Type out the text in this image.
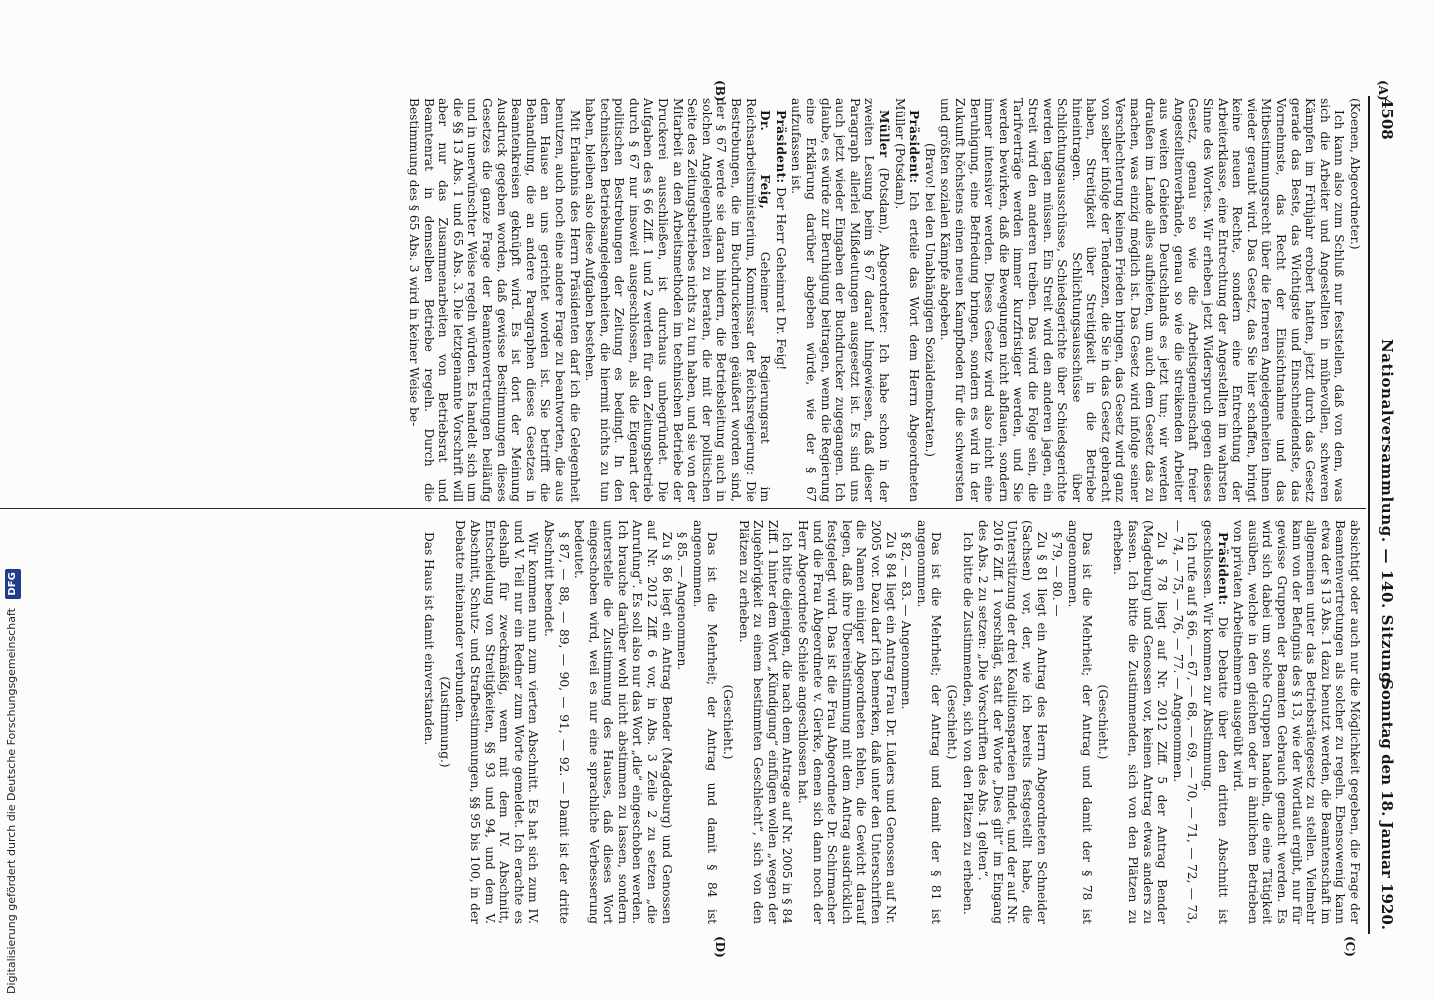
4508
Nationalversammlung. — 140. Sitzung.
Sonntag den 18. Januar 1920.
(A)
(B)
(C)
(D)

(Koenen, Abgeordneter.)

Ich kann also zum Schluß nur feststellen, daß von dem, was sich die Arbeiter und Angestellten in mühevollen, schweren Kämpfen im Frühjahr erobert hatten, jetzt durch das Gesetz gerade das Beste, das Wichtigste und Einschneidendste, das Vornehmste, das Recht der Einsichtnahme und das Mitbestimmungsrecht über die ferneren Angelegenheiten ihnen wieder geraubt wird. Das Gesetz, das Sie hier schaffen, bringt keine neuen Rechte, sondern eine Entrechtung der Arbeiterklasse, eine Entrechtung der Angestellten im wahrsten Sinne des Wortes. Wir erheben jetzt Widerspruch gegen dieses Gesetz, genau so wie die Arbeitsgemeinschaft freier Angestelltenverbände, genau so wie die streikenden Arbeiter aus weiten Gebieten Deutschlands es jetzt tun; wir werden draußen im Lande alles aufbieten, um auch dem Gesetz das zu machen, was einzig möglich ist. Das Gesetz wird infolge seiner Verschlechterung keinen Frieden bringen, das Gesetz wird ganz von selber infolge der Tendenzen, die Sie in das Gesetz gebracht haben, Streitigkeit über Streitigkeit in die Betriebe hineintragen. Schlichtungsausschüsse über Schlichtungsausschüsse, Schiedsgerichte über Schiedsgerichte werden tagen müssen. Ein Streit wird den anderen jagen, ein Streit wird den anderen treiben. Das wird die Folge sein, die Tarifverträge werden immer kurzfristiger werden, und Sie werden bewirken, daß die Bewegungen nicht abflauen, sondern immer intensiver werden. Dieses Gesetz wird also nicht eine Beruhigung, eine Befriedung bringen, sondern es wird in der Zukunft höchstens einen neuen Kampfboden für die schwersten und größten sozialen Kämpfe abgeben.

(Bravo! bei den Unabhängigen Sozialdemokraten.)

Präsident: Ich erteile das Wort dem Herrn Abgeordneten Müller (Potsdam).

Müller (Potsdam), Abgeordneter: Ich habe schon in der zweiten Lesung beim § 67 darauf hingewiesen, daß dieser Paragraph allerlei Mißdeutungen ausgesetzt ist. Es sind uns auch jetzt wieder Eingaben der Buchdrucker zugegangen. Ich glaube, es würde zur Beruhigung beitragen, wenn die Regierung eine Erklärung darüber abgeben würde, wie der § 67 aufzufassen ist.

Präsident: Der Herr Geheimrat Dr. Feig!

Dr. Feig, Geheimer Regierungsrat im Reichsarbeitsministerium, Kommissar der Reichsregierung: Die Bestrebungen, die im Buchdruckereien geäußert worden sind, der § 67 werde sie daran hindern, die Betriebsleitung auch in solchen Angelegenheiten zu beraten, die mit der politischen Seite des Zeitungsbetriebes nichts zu tun haben, und sie von der Mitarbeit an den Arbeitsmethoden im technischen Betriebe der Druckerei ausschließen, ist durchaus unbegründet. Die Aufgaben des § 66 Ziff. 1 und 2 werden für den Zeitungsbetrieb durch § 67 nur insoweit ausgeschlossen, als die Eigenart der politischen Bestrebungen der Zeitung es bedingt. In den technischen Betriebsangelegenheiten, die hiermit nichts zu tun haben, bleiben also diese Aufgaben bestehen.

Mit Erlaubnis des Herrn Präsidenten darf ich die Gelegenheit benutzen, auch noch eine andere Frage zu beantworten, die aus dem Hause an uns gerichtet worden ist. Sie betrifft die Behandlung, die an andere Paragraphen dieses Gesetzes in Beamtenkreisen geknüpft wird. Es ist dort der Meinung Ausdruck gegeben worden, daß gewisse Bestimmungen dieses Gesetzes die ganze Frage der Beamtenvertretungen beiläufig und in unerwünschter Weise regeln würden. Es handelt sich um die §§ 13 Abs. 1 und 65 Abs. 3. Die letztgenannte Vorschrift will aber nur das Zusammenarbeiten von Betriebsrat und Beamtenrat in demselben Betriebe regeln. Durch die Bestimmung des § 65 Abs. 3 wird in keiner Weise be-

absichtigt oder auch nur die Möglichkeit gegeben, die Frage der Beamtenvertretungen als solcher zu regeln. Ebensowenig kann etwa der § 13 Abs. 1 dazu benutzt werden, die Beamtenschaft im allgemeinen unter das Betriebsrätegesetz zu stellen. Vielmehr kann von der Befugnis des § 13, wie der Wortlaut ergibt, nur für gewisse Gruppen der Beamten Gebrauch gemacht werden. Es wird sich dabei um solche Gruppen handeln, die eine Tätigkeit ausüben, welche in den gleichen oder in ähnlichen Betrieben von privaten Arbeitnehmern ausgeübt wird.

Präsident: Die Debatte über den dritten Abschnitt ist geschlossen. Wir kommen zur Abstimmung.

Ich rufe auf § 66, — 67, — 68, — 69, — 70, — 71, — 72, — 73, — 74, — 75, — 76, — 77. — Angenommen.

Zu § 78 liegt auf Nr. 2012 Ziff. 5 der Antrag Bender (Magdeburg) und Genossen vor, keinen Antrag etwas anders zu fassen. Ich bitte die Zustimmenden, sich von den Plätzen zu erheben.

(Geschieht.)

Das ist die Mehrheit; der Antrag und damit der § 78 ist angenommen.

§ 79, — 80. —

Zu § 81 liegt ein Antrag des Herrn Abgeordneten Schneider (Sachsen) vor, der, wie ich bereits festgestellt habe, die Unterstützung der drei Koalitionsparteien findet, und der auf Nr. 2016 Ziff. 1 vorschlägt, statt der Worte „Dies gilt“ im Eingang des Abs. 2 zu setzen: „Die Vorschriften des Abs. 1 gelten“.

Ich bitte die Zustimmenden, sich von den Plätzen zu erheben.

(Geschieht.)

Das ist die Mehrheit; der Antrag und damit der § 81 ist angenommen.

§ 82, — 83. — Angenommen.

Zu § 84 liegt ein Antrag Frau Dr. Lüders und Genossen auf Nr. 2005 vor. Dazu darf ich bemerken, daß unter den Unterschriften die Namen einiger Abgeordneten fehlen, die Gewicht darauf legen, daß ihre Übereinstimmung mit dem Antrag ausdrücklich festgelegt wird. Das ist die Frau Abgeordnete Dr. Schirmacher und die Frau Abgeordnete v. Gierke, denen sich dann noch der Herr Abgeordnete Schiele angeschlossen hat.

Ich bitte diejenigen, die nach dem Antrage auf Nr. 2005 in § 84 Ziff. 1 hinter dem Wort „Kündigung“ einfügen wollen „wegen der Zugehörigkeit zu einem bestimmten Geschlecht“, sich von den Plätzen zu erheben.

(Geschieht.)

Das ist die Mehrheit; der Antrag und damit § 84 ist angenommen.

§ 85. — Angenommen.

Zu § 86 liegt ein Antrag Bender (Magdeburg) und Genossen auf Nr. 2012 Ziff. 6 vor, in Abs. 3 Zeile 2 zu setzen „die Anrufung“. Es soll also nur das Wort „die“ eingeschoben werden. Ich brauche darüber wohl nicht abstimmen zu lassen, sondern unterstelle die Zustimmung des Hauses, daß dieses Wort eingeschoben wird, weil es nur eine sprachliche Verbesserung bedeutet.

§ 87, — 88, — 89, — 90, — 91, — 92. — Damit ist der dritte Abschnitt beendet.

Wir kommen nun zum vierten Abschnitt. Es hat sich zum IV. und V. Teil nur ein Redner zum Worte gemeldet. Ich erachte es deshalb für zweckmäßig, wenn mit dem IV. Abschnitt, Entscheidung von Streitigkeiten, §§ 93 und 94, und dem V. Abschnitt, Schutz- und Strafbestimmungen, §§ 95 bis 100, in der Debatte miteinander verbunden.

(Zustimmung.)

Das Haus ist damit einverstanden.

Digitalisierung gefördert durch die Deutsche Forschungsgemeinschaft DFG
